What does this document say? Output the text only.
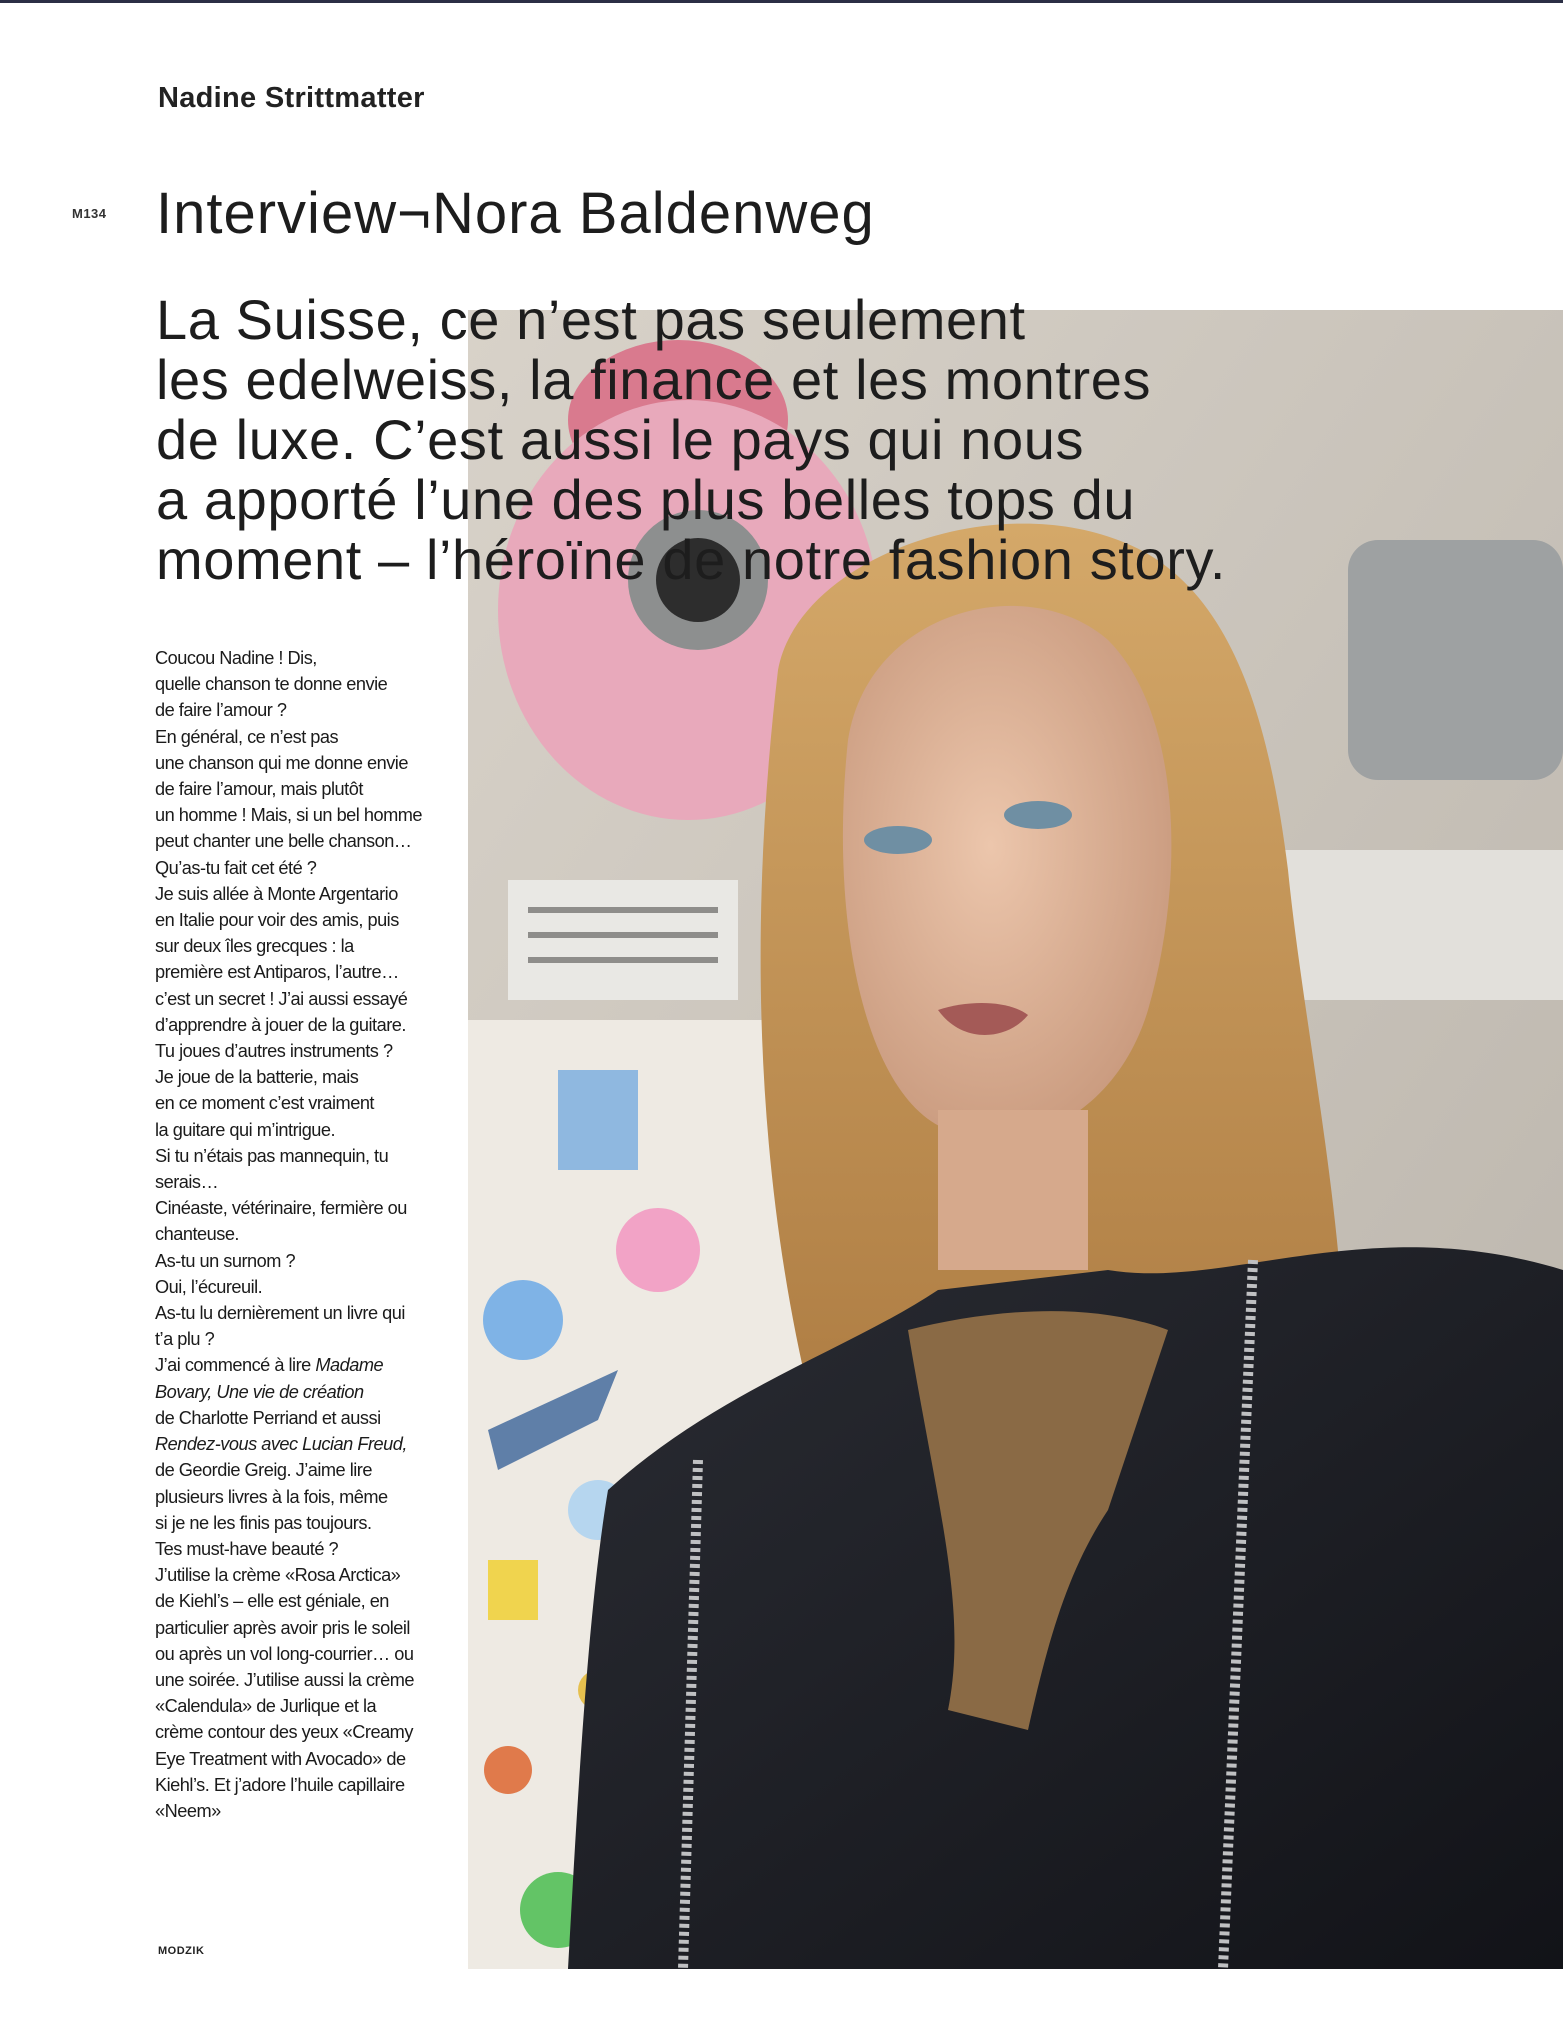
Nadine Strittmatter
M134 Interview¬Nora Baldenweg
La Suisse, ce n’est pas seulement
les edelweiss, la finance et les montres
de luxe. C’est aussi le pays qui nous
a apporté l’une des plus belles tops du
moment – l’héroïne de notre fashion story.
Coucou Nadine ! Dis,
quelle chanson te donne envie
de faire l’amour ?
En général, ce n’est pas
une chanson qui me donne envie
de faire l’amour, mais plutôt
un homme ! Mais, si un bel homme
peut chanter une belle chanson…
Qu’as-tu fait cet été ?
Je suis allée à Monte Argentario
en Italie pour voir des amis, puis
sur deux îles grecques : la
première est Antiparos, l’autre…
c’est un secret ! J’ai aussi essayé
d’apprendre à jouer de la guitare.
Tu joues d’autres instruments ?
Je joue de la batterie, mais
en ce moment c’est vraiment
la guitare qui m’intrigue.
Si tu n’étais pas mannequin, tu
serais…
Cinéaste, vétérinaire, fermière ou
chanteuse.
As-tu un surnom ?
Oui, l’écureuil.
As-tu lu dernièrement un livre qui
t’a plu ?
J’ai commencé à lire Madame
Bovary, Une vie de création
de Charlotte Perriand et aussi
Rendez-vous avec Lucian Freud,
de Geordie Greig. J’aime lire
plusieurs livres à la fois, même
si je ne les finis pas toujours.
Tes must-have beauté ?
J’utilise la crème «Rosa Arctica»
de Kiehl’s – elle est géniale, en
particulier après avoir pris le soleil
ou après un vol long-courrier… ou
une soirée. J’utilise aussi la crème
«Calendula» de Jurlique et la
crème contour des yeux «Creamy
Eye Treatment with Avocado» de
Kiehl’s. Et j’adore l’huile capillaire
«Neem»
MODZIK
